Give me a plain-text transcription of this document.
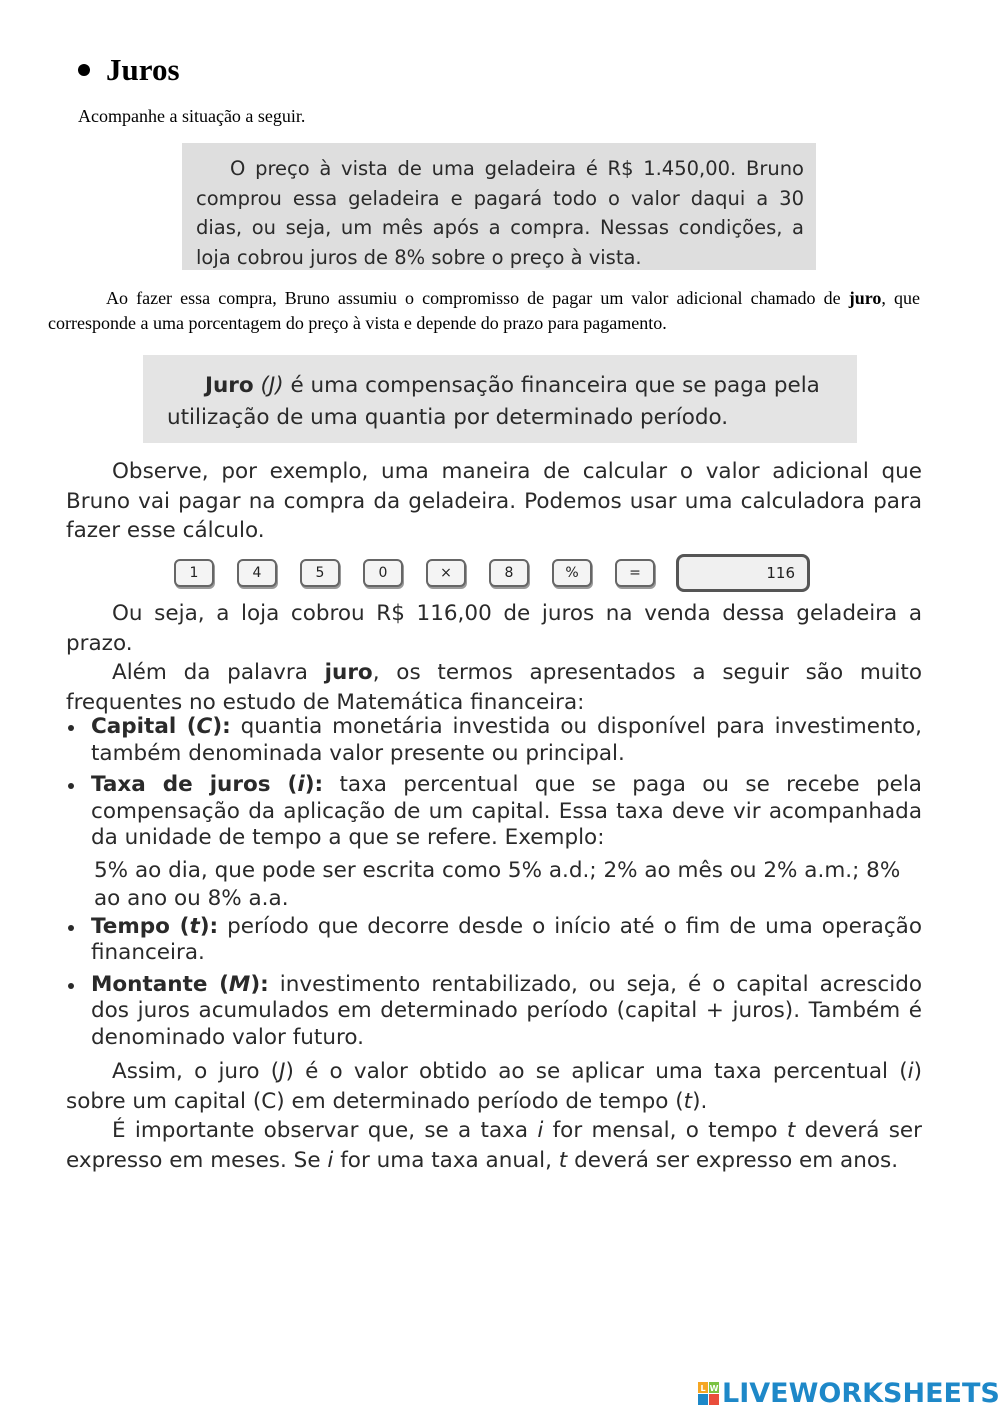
Juros
Acompanhe a situação a seguir.
O preço à vista de uma geladeira é R$ 1.450,00. Bruno comprou essa geladeira e pagará todo o valor daqui a 30 dias, ou seja, um mês após a compra. Nessas condições, a loja cobrou juros de 8% sobre o preço à vista.
Ao fazer essa compra, Bruno assumiu o compromisso de pagar um valor adicional chamado de juro, que corresponde a uma porcentagem do preço à vista e depende do prazo para pagamento.
Juro (J) é uma compensação financeira que se paga pela utilização de uma quantia por determinado período.
Observe, por exemplo, uma maneira de calcular o valor adicional que Bruno vai pagar na compra da geladeira. Podemos usar uma calculadora para fazer esse cálculo.
1	4	5	0	×	8	%	=	116
Ou seja, a loja cobrou R$ 116,00 de juros na venda dessa geladeira a prazo.
Além da palavra juro, os termos apresentados a seguir são muito frequentes no estudo de Matemática financeira:
Capital (C): quantia monetária investida ou disponível para investimento, também denominada valor presente ou principal.
Taxa de juros (i): taxa percentual que se paga ou se recebe pela compensação da aplicação de um capital. Essa taxa deve vir acompanhada da unidade de tempo a que se refere. Exemplo:
5% ao dia, que pode ser escrita como 5% a.d.; 2% ao mês ou 2% a.m.; 8% ao ano ou 8% a.a.
Tempo (t): período que decorre desde o início até o fim de uma operação financeira.
Montante (M): investimento rentabilizado, ou seja, é o capital acrescido dos juros acumulados em determinado período (capital + juros). Também é denominado valor futuro.
Assim, o juro (J) é o valor obtido ao se aplicar uma taxa percentual (i) sobre um capital (C) em determinado período de tempo (t).
É importante observar que, se a taxa i for mensal, o tempo t deverá ser expresso em meses. Se i for uma taxa anual, t deverá ser expresso em anos.
L W LIVEWORKSHEETS
